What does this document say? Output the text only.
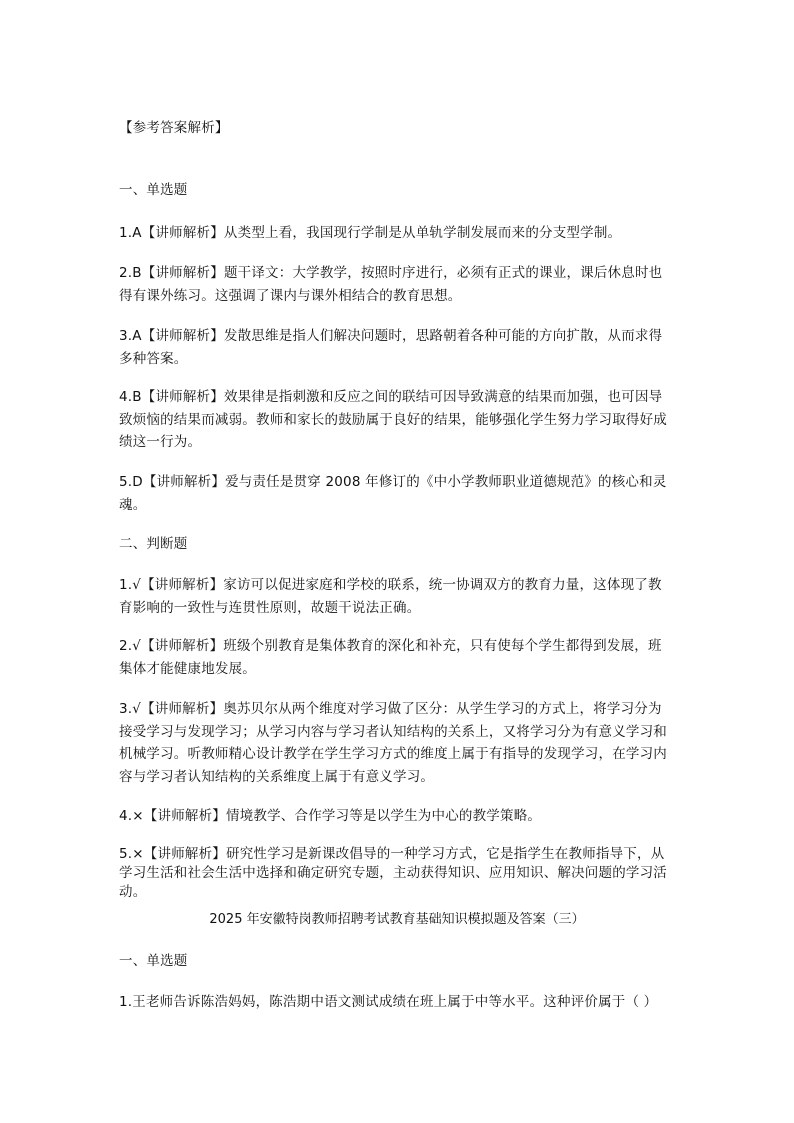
【参考答案解析】
一、单选题

1.A【讲师解析】从类型上看，我国现行学制是从单轨学制发展而来的分支型学制。

2.B【讲师解析】题干译文：大学教学，按照时序进行，必须有正式的课业，课后休息时也得有课外练习。这强调了课内与课外相结合的教育思想。

3.A【讲师解析】发散思维是指人们解决问题时，思路朝着各种可能的方向扩散，从而求得多种答案。

4.B【讲师解析】效果律是指刺激和反应之间的联结可因导致满意的结果而加强，也可因导致烦恼的结果而减弱。教师和家长的鼓励属于良好的结果，能够强化学生努力学习取得好成绩这一行为。

5.D【讲师解析】爱与责任是贯穿 2008 年修订的《中小学教师职业道德规范》的核心和灵魂。

二、判断题

1.√【讲师解析】家访可以促进家庭和学校的联系，统一协调双方的教育力量，这体现了教育影响的一致性与连贯性原则，故题干说法正确。

2.√【讲师解析】班级个别教育是集体教育的深化和补充，只有使每个学生都得到发展，班集体才能健康地发展。

3.√【讲师解析】奥苏贝尔从两个维度对学习做了区分：从学生学习的方式上，将学习分为接受学习与发现学习；从学习内容与学习者认知结构的关系上，又将学习分为有意义学习和机械学习。听教师精心设计教学在学生学习方式的维度上属于有指导的发现学习，在学习内容与学习者认知结构的关系维度上属于有意义学习。

4.×【讲师解析】情境教学、合作学习等是以学生为中心的教学策略。

5.×【讲师解析】研究性学习是新课改倡导的一种学习方式，它是指学生在教师指导下，从学习生活和社会生活中选择和确定研究专题，主动获得知识、应用知识、解决问题的学习活动。

2025 年安徽特岗教师招聘考试教育基础知识模拟题及答案（三）
一、单选题
1.王老师告诉陈浩妈妈，陈浩期中语文测试成绩在班上属于中等水平。这种评价属于（ ）
